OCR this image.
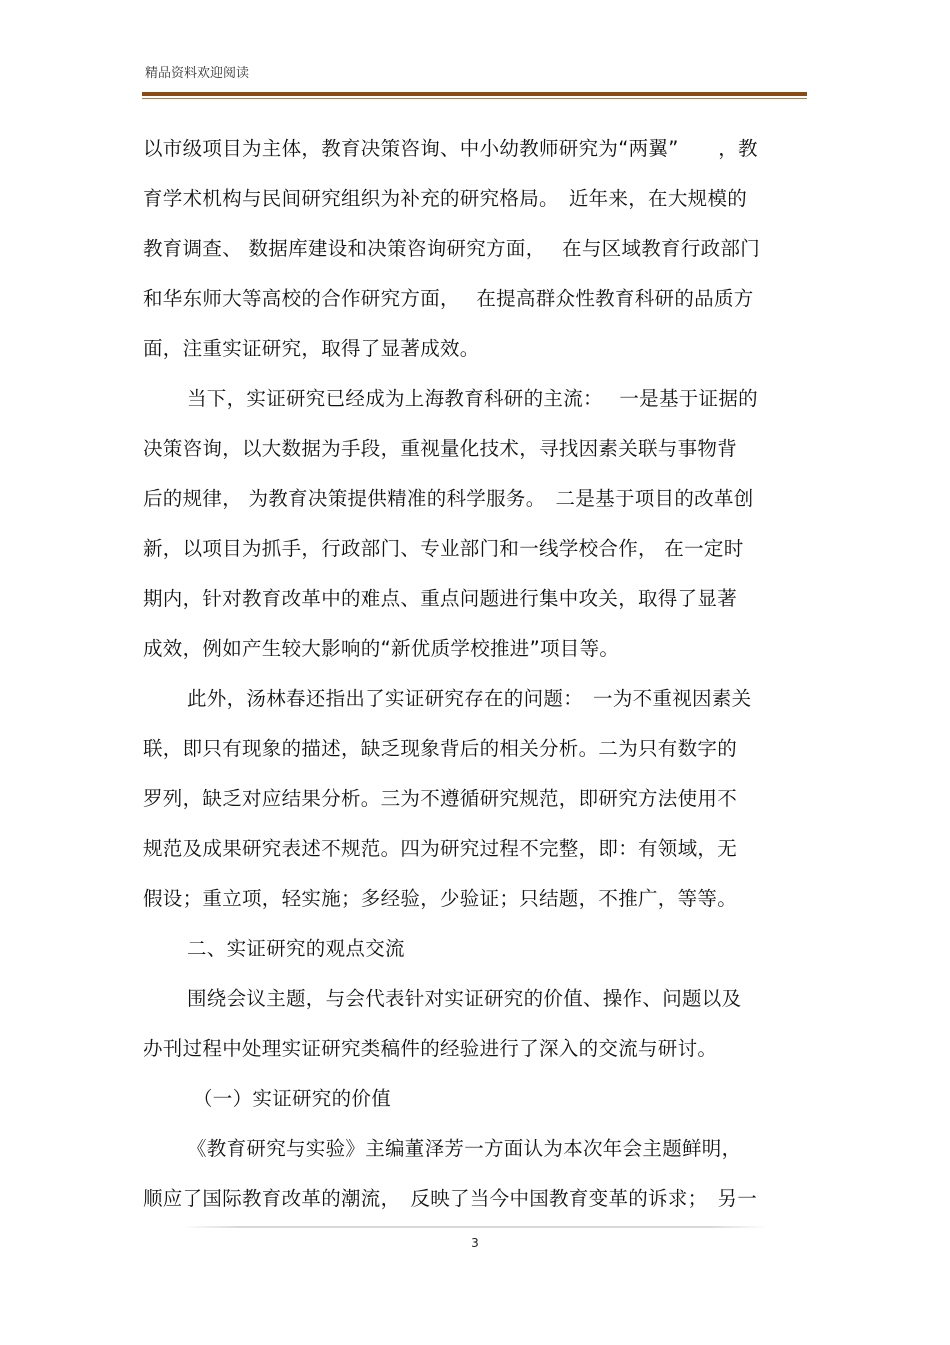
精品资料欢迎阅读
以市级项目为主体，教育决策咨询、中小幼教师研究为“两翼”　　，教
育学术机构与民间研究组织为补充的研究格局。　近年来，在大规模的
教育调查、 数据库建设和决策咨询研究方面，　 在与区域教育行政部门
和华东师大等高校的合作研究方面，　 在提高群众性教育科研的品质方
面，注重实证研究，取得了显著成效。
当下，实证研究已经成为上海教育科研的主流：　 一是基于证据的
决策咨询，以大数据为手段，重视量化技术，寻找因素关联与事物背
后的规律， 为教育决策提供精准的科学服务。　二是基于项目的改革创
新，以项目为抓手，行政部门、专业部门和一线学校合作， 在一定时
期内，针对教育改革中的难点、重点问题进行集中攻关，取得了显著
成效，例如产生较大影响的“新优质学校推进”项目等。
此外，汤林春还指出了实证研究存在的问题：　一为不重视因素关
联，即只有现象的描述，缺乏现象背后的相关分析。二为只有数字的
罗列，缺乏对应结果分析。三为不遵循研究规范，即研究方法使用不
规范及成果研究表述不规范。四为研究过程不完整，即：有领域，无
假设；重立项，轻实施；多经验，少验证；只结题，不推广，等等。
二、实证研究的观点交流
围绕会议主题，与会代表针对实证研究的价值、操作、问题以及
办刊过程中处理实证研究类稿件的经验进行了深入的交流与研讨。
（一）实证研究的价值
《教育研究与实验》主编董泽芳一方面认为本次年会主题鲜明，
顺应了国际教育改革的潮流，　反映了当今中国教育变革的诉求；　另一
3
